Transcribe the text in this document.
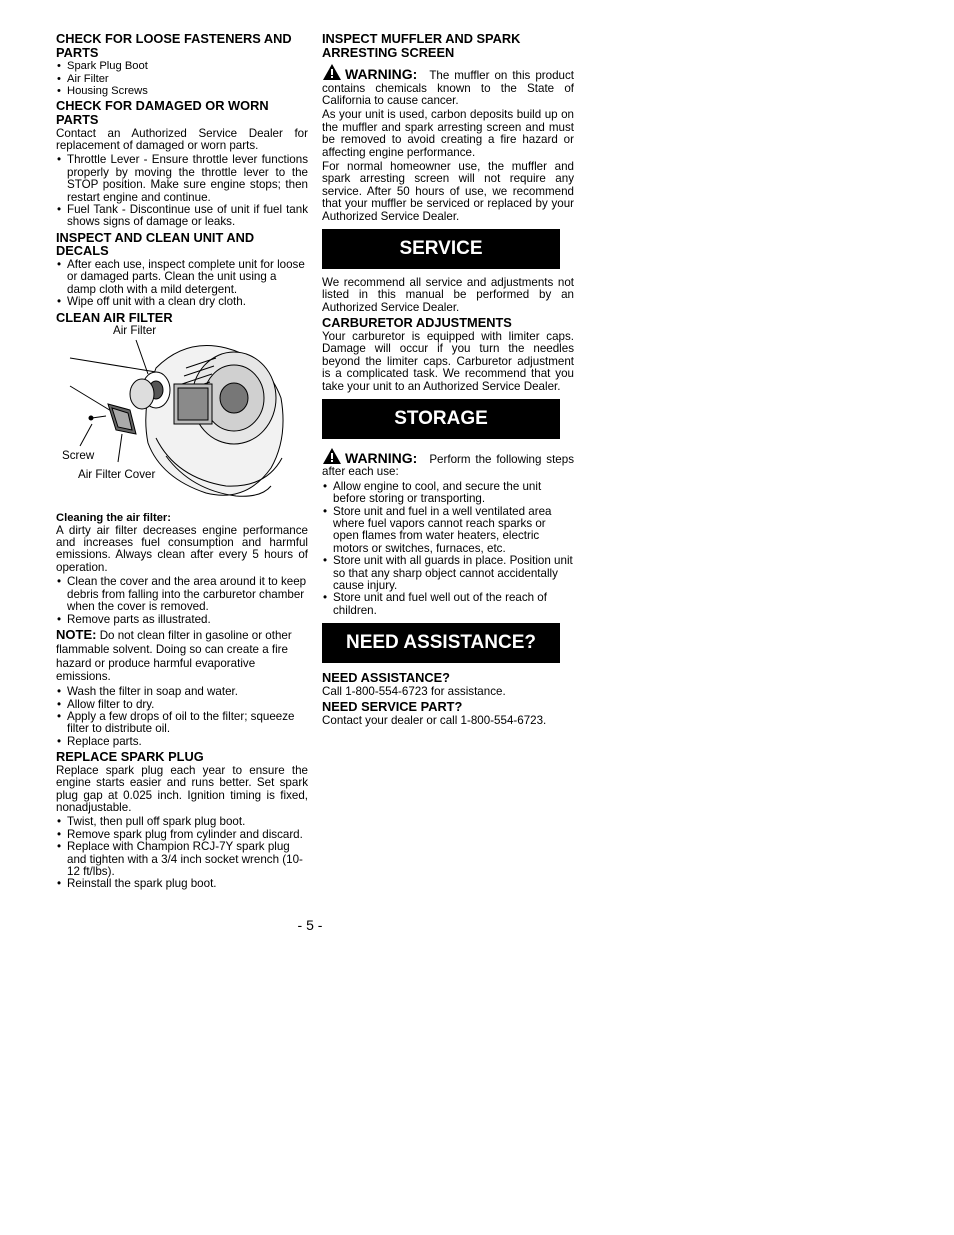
CHECK FOR LOOSE FASTENERS AND PARTS
• Spark Plug Boot
• Air Filter
• Housing Screws
CHECK FOR DAMAGED OR WORN PARTS

Contact an Authorized Service Dealer for replacement of damaged or worn parts.

• Throttle Lever - Ensure throttle lever functions properly by moving the throttle lever to the STOP position. Make sure engine stops; then restart engine and continue.
• Fuel Tank - Discontinue use of unit if fuel tank shows signs of damage or leaks.
INSPECT AND CLEAN UNIT AND DECALS
• After each use, inspect complete unit for loose or damaged parts. Clean the unit using a damp cloth with a mild detergent.
• Wipe off unit with a clean dry cloth.
CLEAN AIR FILTER
Air Filter
Screw
Air Filter Cover
Cleaning the air filter:

A dirty air filter decreases engine performance and increases fuel consumption and harmful emissions. Always clean after every 5 hours of operation.

• Clean the cover and the area around it to keep debris from falling into the carburetor chamber when the cover is removed.
• Remove parts as illustrated.

NOTE: Do not clean filter in gasoline or other flammable solvent. Doing so can create a fire hazard or produce harmful evaporative emissions.

• Wash the filter in soap and water.
• Allow filter to dry.
• Apply a few drops of oil to the filter; squeeze filter to distribute oil.
• Replace parts.
REPLACE SPARK PLUG

Replace spark plug each year to ensure the engine starts easier and runs better. Set spark plug gap at 0.025 inch. Ignition timing is fixed, nonadjustable.

• Twist, then pull off spark plug boot.
• Remove spark plug from cylinder and discard.
• Replace with Champion RCJ-7Y spark plug and tighten with a 3/4 inch socket wrench (10-12 ft/lbs).
• Reinstall the spark plug boot.
INSPECT MUFFLER AND SPARK ARRESTING SCREEN

WARNING: The muffler on this product contains chemicals known to the State of California to cause cancer.

As your unit is used, carbon deposits build up on the muffler and spark arresting screen and must be removed to avoid creating a fire hazard or affecting engine performance.

For normal homeowner use, the muffler and spark arresting screen will not require any service. After 50 hours of use, we recommend that your muffler be serviced or replaced by your Authorized Service Dealer.

SERVICE

We recommend all service and adjustments not listed in this manual be performed by an Authorized Service Dealer.

CARBURETOR ADJUSTMENTS

Your carburetor is equipped with limiter caps. Damage will occur if you turn the needles beyond the limiter caps. Carburetor adjustment is a complicated task. We recommend that you take your unit to an Authorized Service Dealer.

STORAGE

WARNING: Perform the following steps after each use:

• Allow engine to cool, and secure the unit before storing or transporting.
• Store unit and fuel in a well ventilated area where fuel vapors cannot reach sparks or open flames from water heaters, electric motors or switches, furnaces, etc.
• Store unit with all guards in place. Position unit so that any sharp object cannot accidentally cause injury.
• Store unit and fuel well out of the reach of children.
NEED ASSISTANCE?
NEED ASSISTANCE?

Call 1-800-554-6723 for assistance.

NEED SERVICE PART?

Contact your dealer or call 1-800-554-6723.

- 5 -
